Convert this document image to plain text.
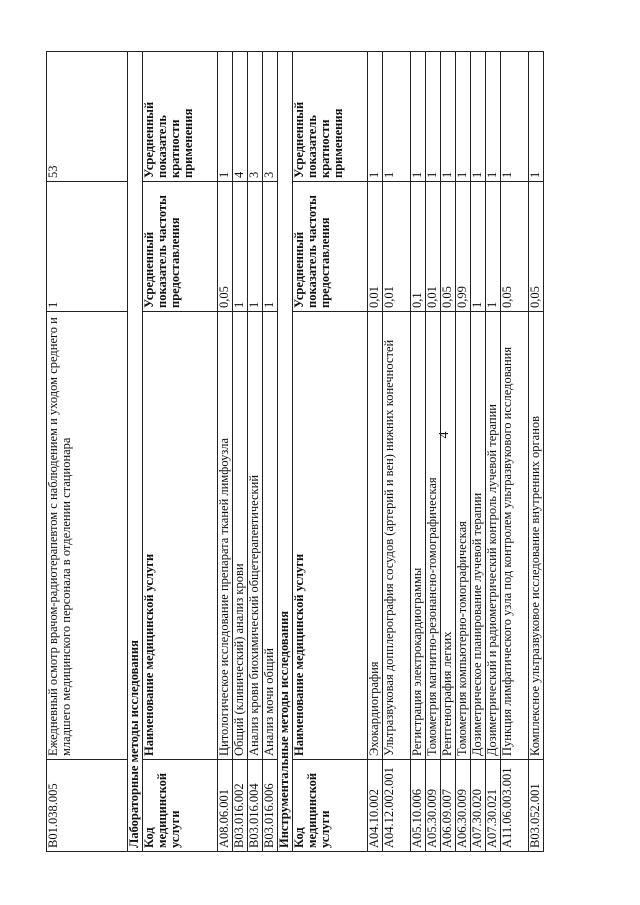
4
B01.038.005	Ежедневный осмотр врачом-радиотерапевтом с наблюдением и уходом среднего и младшего медицинского персонала в отделении стационара	1	53
Лабораторные методы исследования			
Код медицинской услуги	Наименование медицинской услуги	Усредненный показатель частоты предоставления	Усредненный показатель кратности применения
A08.06.001	Цитологическое исследование препарата тканей лимфоузла	0,05	1
B03.016.002	Общий (клинический) анализ крови	1	4
B03.016.004	Анализ крови биохимический общетерапевтический	1	3
B03.016.006	Анализ мочи общий	1	3
Инструментальные методы исследования			
Код медицинской услуги	Наименование медицинской услуги	Усредненный показатель частоты предоставления	Усредненный показатель кратности применения
A04.10.002	Эхокардиография	0,01	1
A04.12.002.001	Ультразвуковая допплерография сосудов (артерий и вен) нижних конечностей	0,01	1
A05.10.006	Регистрация электрокардиограммы	0,1	1
A05.30.009	Томометрия магнитно-резонансно-томографическая	0,01	1
A06.09.007	Рентгенография легких	0,05	1
A06.30.009	Томометрия компьютерно-томографическая	0,99	1
A07.30.020	Дозиметрическое планирование лучевой терапии	1	1
A07.30.021	Дозиметрический и радиометрический контроль лучевой терапии	1	1
A11.06.003.001	Пункция лимфатического узла под контролем ультразвукового исследования	0,05	1
B03.052.001	Комплексное ультразвуковое исследование внутренних органов	0,05	1
